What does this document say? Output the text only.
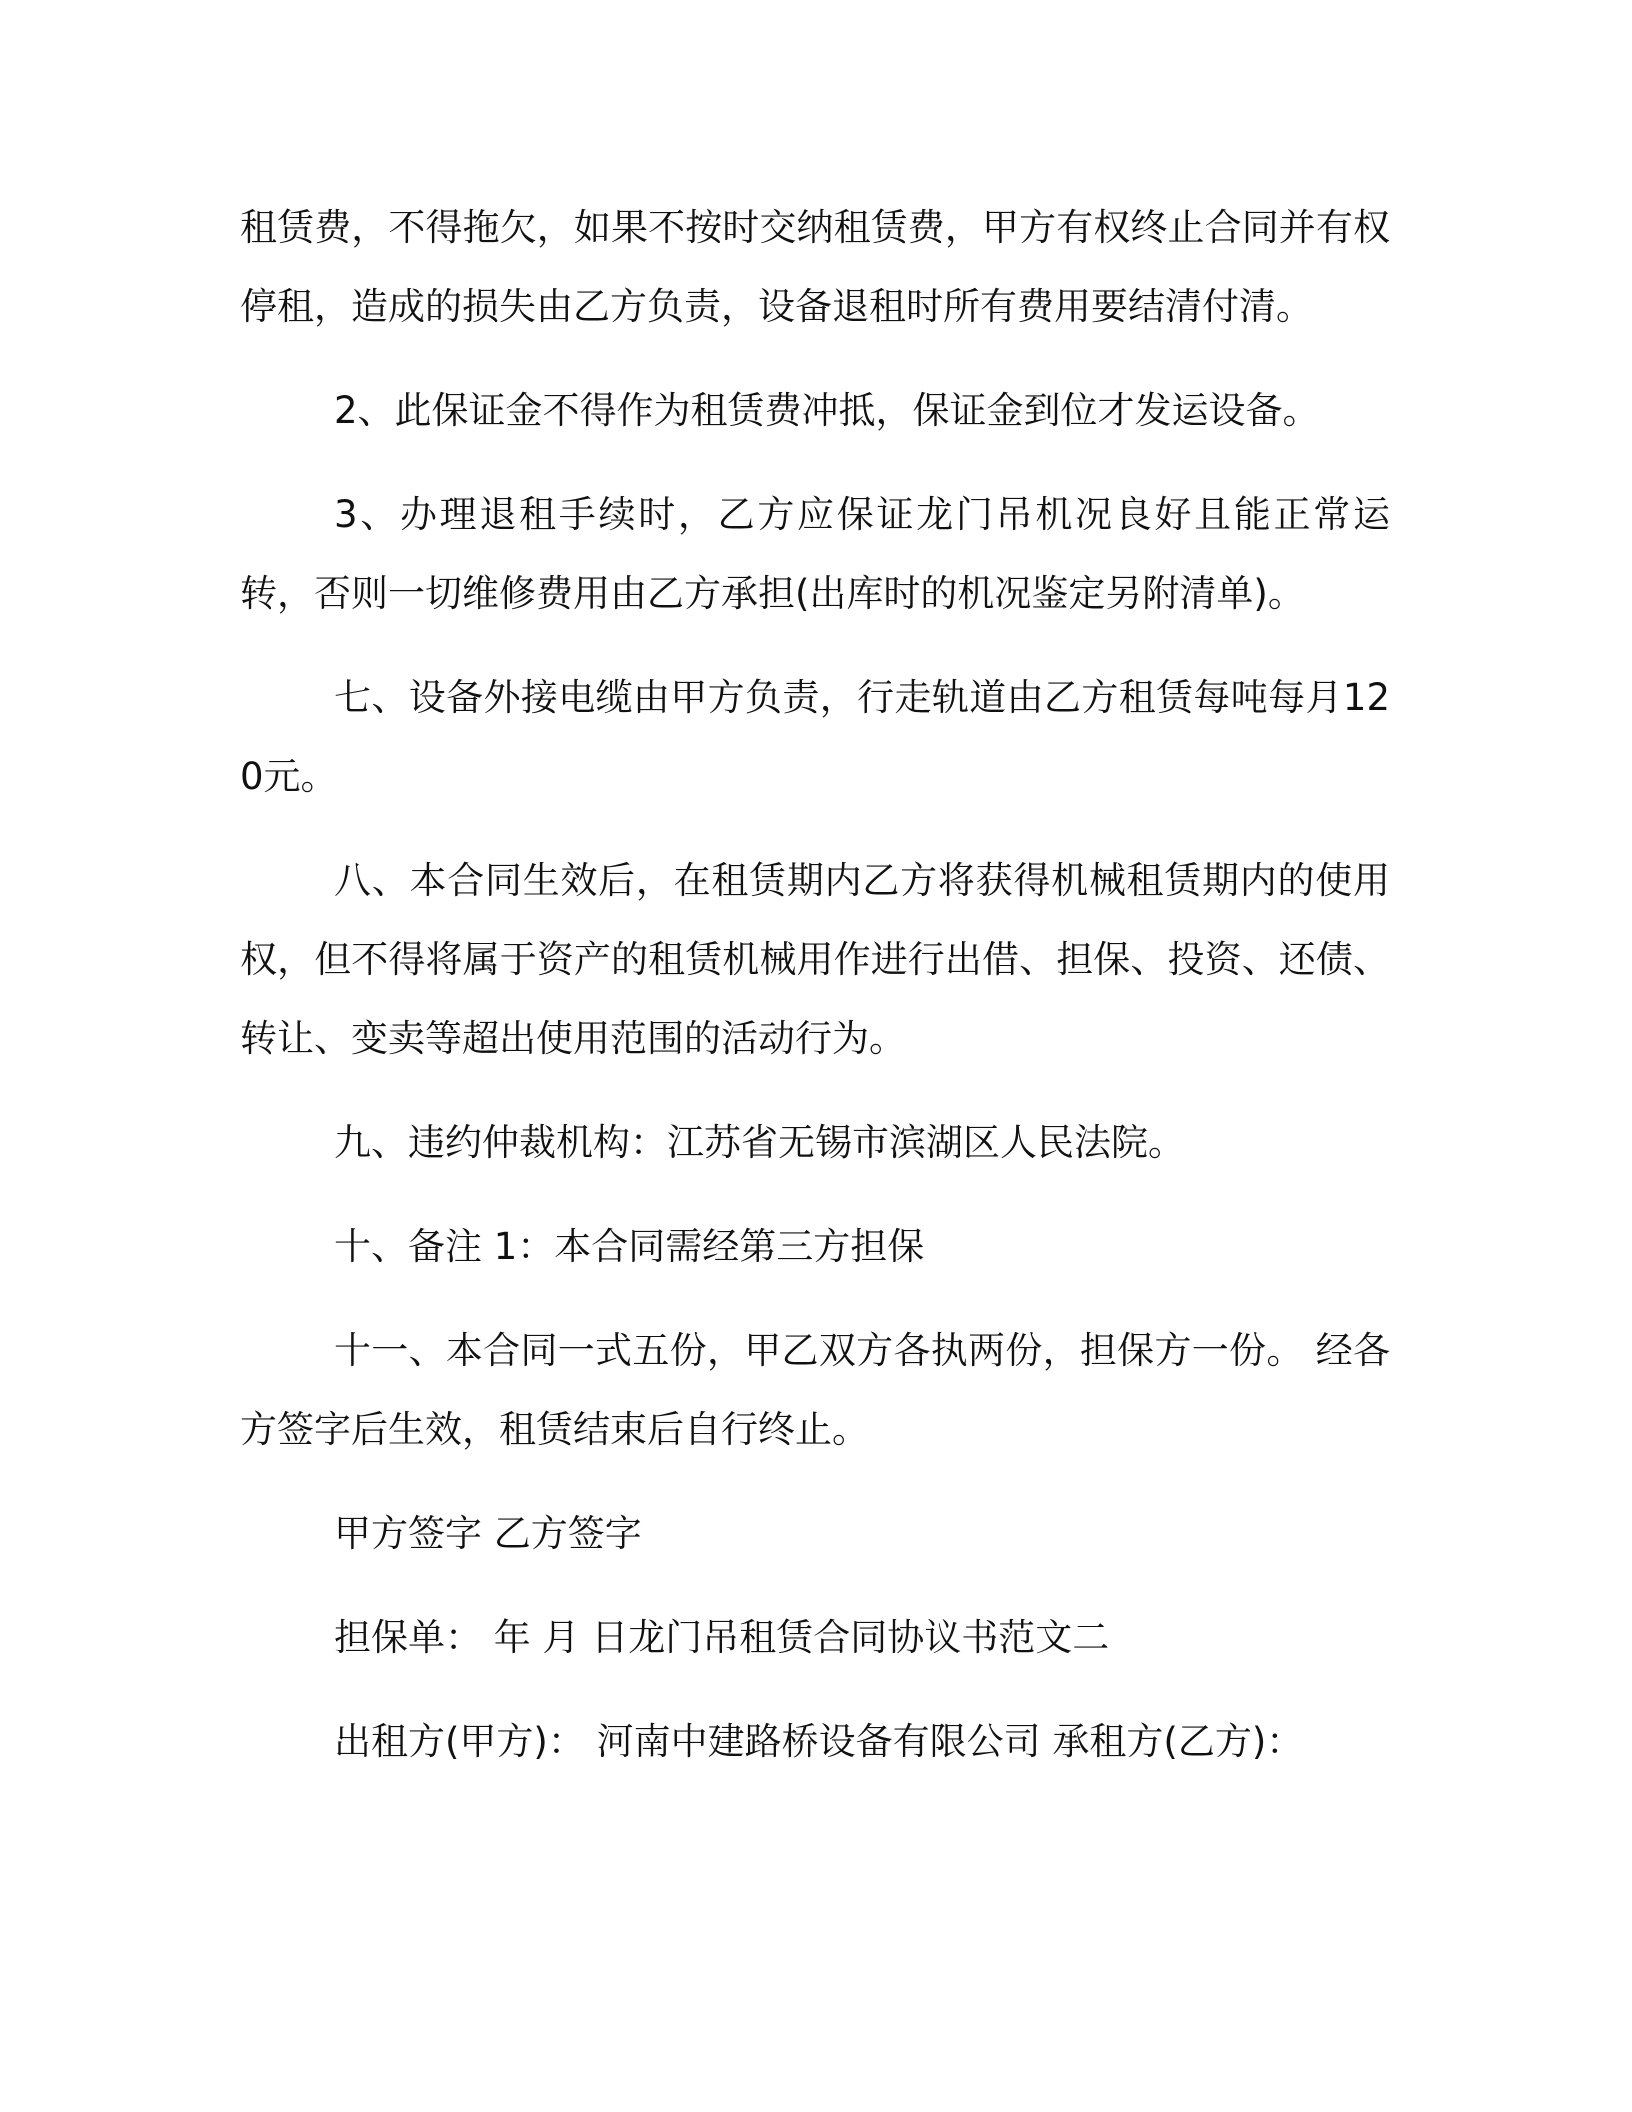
租赁费，不得拖欠，如果不按时交纳租赁费，甲方有权终止合同并有权停租，造成的损失由乙方负责，设备退租时所有费用要结清付清。

2、此保证金不得作为租赁费冲抵，保证金到位才发运设备。

3、办理退租手续时，乙方应保证龙门吊机况良好且能正常运转，否则一切维修费用由乙方承担(出库时的机况鉴定另附清单)。

七、设备外接电缆由甲方负责，行走轨道由乙方租赁每吨每月120元。

八、本合同生效后，在租赁期内乙方将获得机械租赁期内的使用权，但不得将属于资产的租赁机械用作进行出借、担保、投资、还债、转让、变卖等超出使用范围的活动行为。

九、违约仲裁机构：江苏省无锡市滨湖区人民法院。

十、备注 1：本合同需经第三方担保

十一、本合同一式五份，甲乙双方各执两份，担保方一份。 经各方签字后生效，租赁结束后自行终止。

甲方签字 乙方签字

担保单： 年 月 日龙门吊租赁合同协议书范文二

出租方(甲方)： 河南中建路桥设备有限公司 承租方(乙方)：
